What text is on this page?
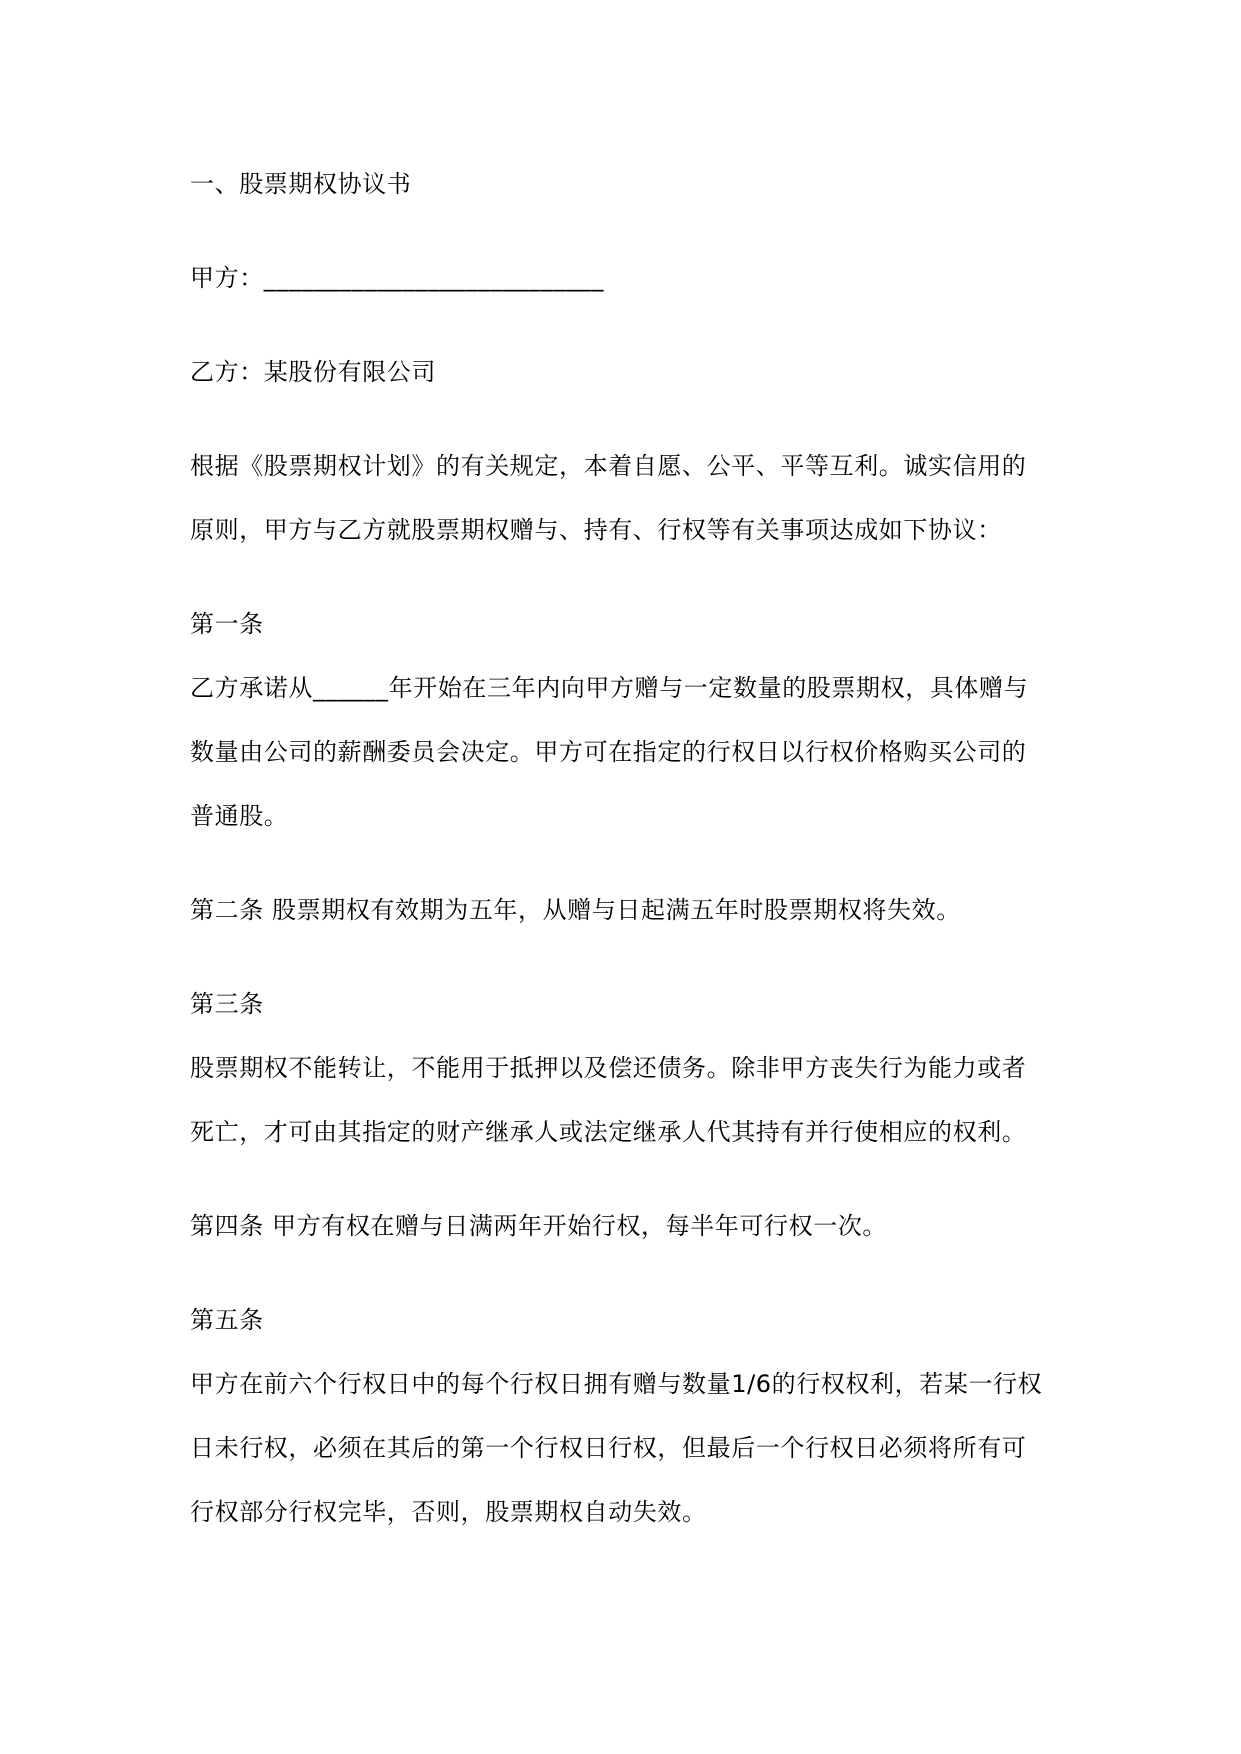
一、股票期权协议书

甲方：___________________________

乙方：某股份有限公司

根据《股票期权计划》的有关规定，本着自愿、公平、平等互利。诚实信用的

原则，甲方与乙方就股票期权赠与、持有、行权等有关事项达成如下协议：

第一条

乙方承诺从______年开始在三年内向甲方赠与一定数量的股票期权，具体赠与

数量由公司的薪酬委员会决定。甲方可在指定的行权日以行权价格购买公司的

普通股。

第二条 股票期权有效期为五年，从赠与日起满五年时股票期权将失效。

第三条

股票期权不能转让，不能用于抵押以及偿还债务。除非甲方丧失行为能力或者

死亡，才可由其指定的财产继承人或法定继承人代其持有并行使相应的权利。

第四条 甲方有权在赠与日满两年开始行权，每半年可行权一次。

第五条

甲方在前六个行权日中的每个行权日拥有赠与数量1/6的行权权利，若某一行权

日未行权，必须在其后的第一个行权日行权，但最后一个行权日必须将所有可

行权部分行权完毕，否则，股票期权自动失效。
